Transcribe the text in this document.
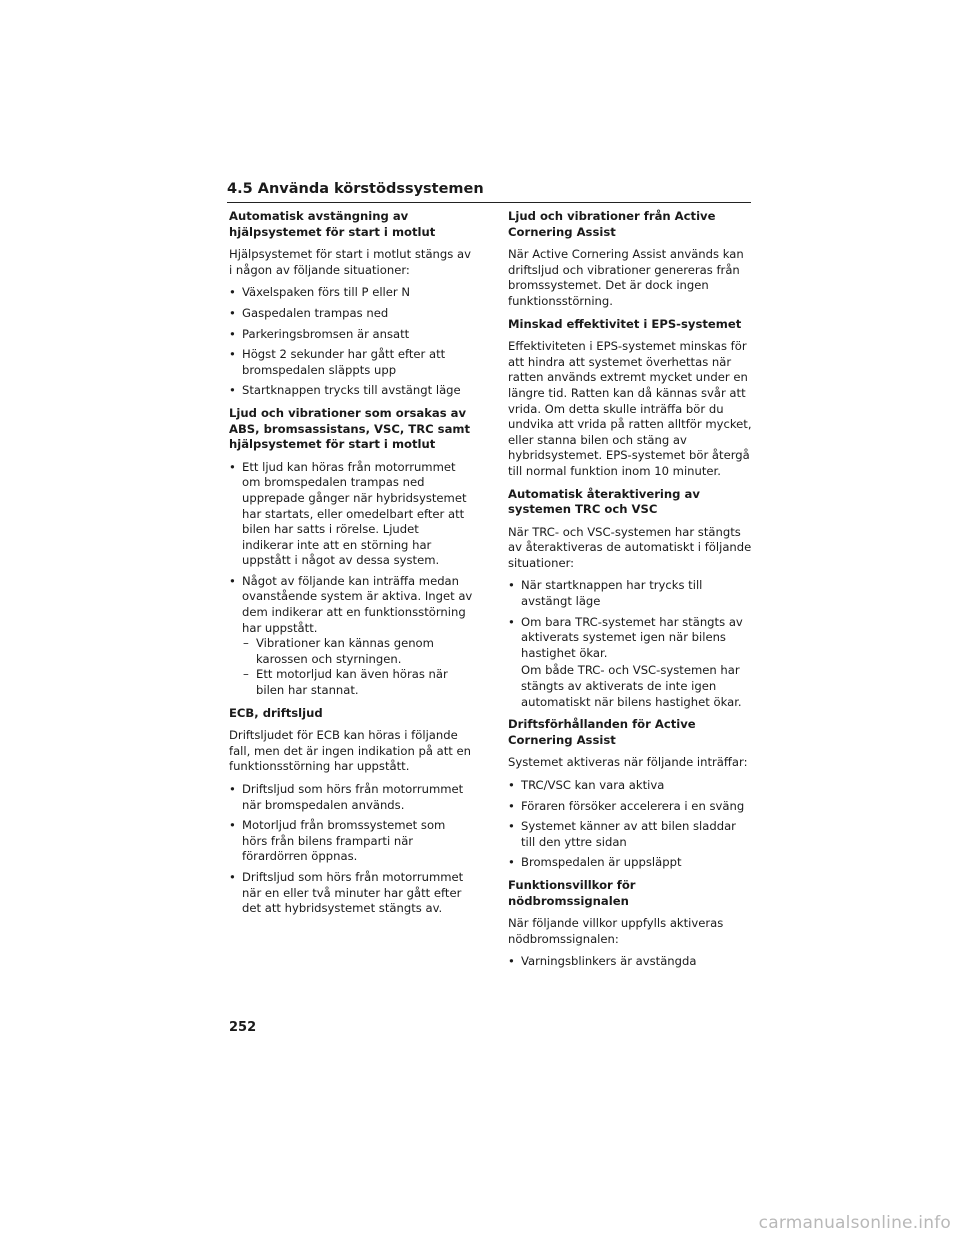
4.5 Använda körstödssystemen
Automatisk avstängning av hjälpsystemet för start i motlut
Hjälpsystemet för start i motlut stängs av i någon av följande situationer:
• Växelspaken förs till P eller N
• Gaspedalen trampas ned
• Parkeringsbromsen är ansatt
• Högst 2 sekunder har gått efter att bromspedalen släppts upp
• Startknappen trycks till avstängt läge
Ljud och vibrationer som orsakas av ABS, bromsassistans, VSC, TRC samt hjälpsystemet för start i motlut
• Ett ljud kan höras från motorrummet om bromspedalen trampas ned upprepade gånger när hybridsystemet har startats, eller omedelbart efter att bilen har satts i rörelse. Ljudet indikerar inte att en störning har uppstått i något av dessa system.
• Något av följande kan inträffa medan ovanstående system är aktiva. Inget av dem indikerar att en funktionsstörning har uppstått.
– Vibrationer kan kännas genom karossen och styrningen.
– Ett motorljud kan även höras när bilen har stannat.
ECB, driftsljud
Driftsljudet för ECB kan höras i följande fall, men det är ingen indikation på att en funktionsstörning har uppstått.
• Driftsljud som hörs från motorrummet när bromspedalen används.
• Motorljud från bromssystemet som hörs från bilens framparti när förardörren öppnas.
• Driftsljud som hörs från motorrummet när en eller två minuter har gått efter det att hybridsystemet stängts av.
Ljud och vibrationer från Active Cornering Assist
När Active Cornering Assist används kan driftsljud och vibrationer genereras från bromssystemet. Det är dock ingen funktionsstörning.
Minskad effektivitet i EPS-systemet
Effektiviteten i EPS-systemet minskas för att hindra att systemet överhettas när ratten används extremt mycket under en längre tid. Ratten kan då kännas svår att vrida. Om detta skulle inträffa bör du undvika att vrida på ratten alltför mycket, eller stanna bilen och stäng av hybridsystemet. EPS-systemet bör återgå till normal funktion inom 10 minuter.
Automatisk återaktivering av systemen TRC och VSC
När TRC- och VSC-systemen har stängts av återaktiveras de automatiskt i följande situationer:
• När startknappen har trycks till avstängt läge
• Om bara TRC-systemet har stängts av aktiverats systemet igen när bilens hastighet ökar.
Om både TRC- och VSC-systemen har stängts av aktiverats de inte igen automatiskt när bilens hastighet ökar.
Driftsförhållanden för Active Cornering Assist
Systemet aktiveras när följande inträffar:
• TRC/VSC kan vara aktiva
• Föraren försöker accelerera i en sväng
• Systemet känner av att bilen sladdar till den yttre sidan
• Bromspedalen är uppsläppt
Funktionsvillkor för nödbromssignalen
När följande villkor uppfylls aktiveras nödbromssignalen:
• Varningsblinkers är avstängda
252
carmanualsonline.info
